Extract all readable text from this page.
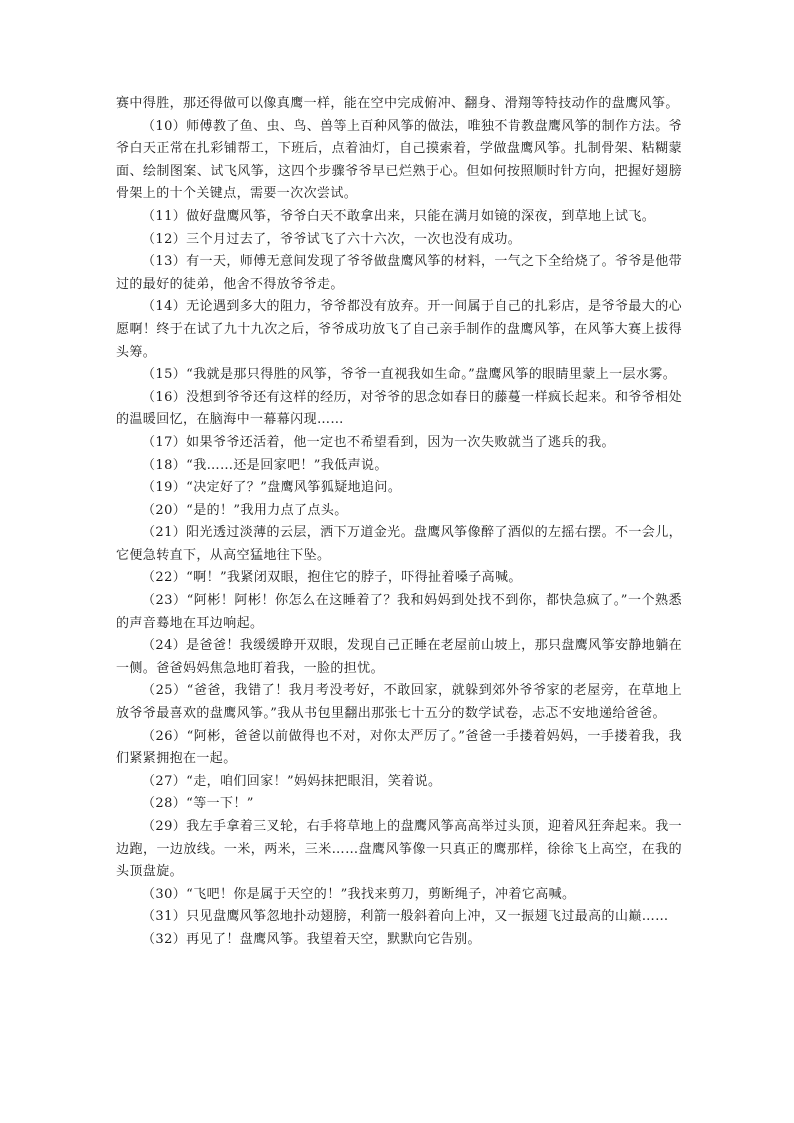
赛中得胜，那还得做可以像真鹰一样，能在空中完成俯冲、翻身、滑翔等特技动作的盘鹰风筝。

（10）师傅教了鱼、虫、鸟、兽等上百种风筝的做法，唯独不肯教盘鹰风筝的制作方法。爷爷白天正常在扎彩铺帮工，下班后，点着油灯，自己摸索着，学做盘鹰风筝。扎制骨架、粘糊蒙面、绘制图案、试飞风筝，这四个步骤爷爷早已烂熟于心。但如何按照顺时针方向，把握好翅膀骨架上的十个关键点，需要一次次尝试。

（11）做好盘鹰风筝，爷爷白天不敢拿出来，只能在满月如镜的深夜，到草地上试飞。

（12）三个月过去了，爷爷试飞了六十六次，一次也没有成功。

（13）有一天，师傅无意间发现了爷爷做盘鹰风筝的材料，一气之下全给烧了。爷爷是他带过的最好的徒弟，他舍不得放爷爷走。

（14）无论遇到多大的阻力，爷爷都没有放弃。开一间属于自己的扎彩店，是爷爷最大的心愿啊！终于在试了九十九次之后，爷爷成功放飞了自己亲手制作的盘鹰风筝，在风筝大赛上拔得头筹。

（15）“我就是那只得胜的风筝，爷爷一直视我如生命。”盘鹰风筝的眼睛里蒙上一层水雾。

（16）没想到爷爷还有这样的经历，对爷爷的思念如春日的藤蔓一样疯长起来。和爷爷相处的温暖回忆，在脑海中一幕幕闪现……

（17）如果爷爷还活着，他一定也不希望看到，因为一次失败就当了逃兵的我。

（18）“我……还是回家吧！”我低声说。

（19）“决定好了？”盘鹰风筝狐疑地追问。

（20）“是的！”我用力点了点头。

（21）阳光透过淡薄的云层，洒下万道金光。盘鹰风筝像醉了酒似的左摇右摆。不一会儿，它便急转直下，从高空猛地往下坠。

（22）“啊！”我紧闭双眼，抱住它的脖子，吓得扯着嗓子高喊。

（23）“阿彬！阿彬！你怎么在这睡着了？我和妈妈到处找不到你，都快急疯了。”一个熟悉的声音蓦地在耳边响起。

（24）是爸爸！我缓缓睁开双眼，发现自己正睡在老屋前山坡上，那只盘鹰风筝安静地躺在一侧。爸爸妈妈焦急地盯着我，一脸的担忧。

（25）“爸爸，我错了！我月考没考好，不敢回家，就躲到郊外爷爷家的老屋旁，在草地上放爷爷最喜欢的盘鹰风筝。”我从书包里翻出那张七十五分的数学试卷，忐忑不安地递给爸爸。

（26）“阿彬，爸爸以前做得也不对，对你太严厉了。”爸爸一手搂着妈妈，一手搂着我，我们紧紧拥抱在一起。

（27）“走，咱们回家！”妈妈抹把眼泪，笑着说。

（28）“等一下！”

（29）我左手拿着三叉轮，右手将草地上的盘鹰风筝高高举过头顶，迎着风狂奔起来。我一边跑，一边放线。一米，两米，三米……盘鹰风筝像一只真正的鹰那样，徐徐飞上高空，在我的头顶盘旋。

（30）“飞吧！你是属于天空的！”我找来剪刀，剪断绳子，冲着它高喊。

（31）只见盘鹰风筝忽地扑动翅膀，利箭一般斜着向上冲，又一振翅飞过最高的山巅……

（32）再见了！盘鹰风筝。我望着天空，默默向它告别。
